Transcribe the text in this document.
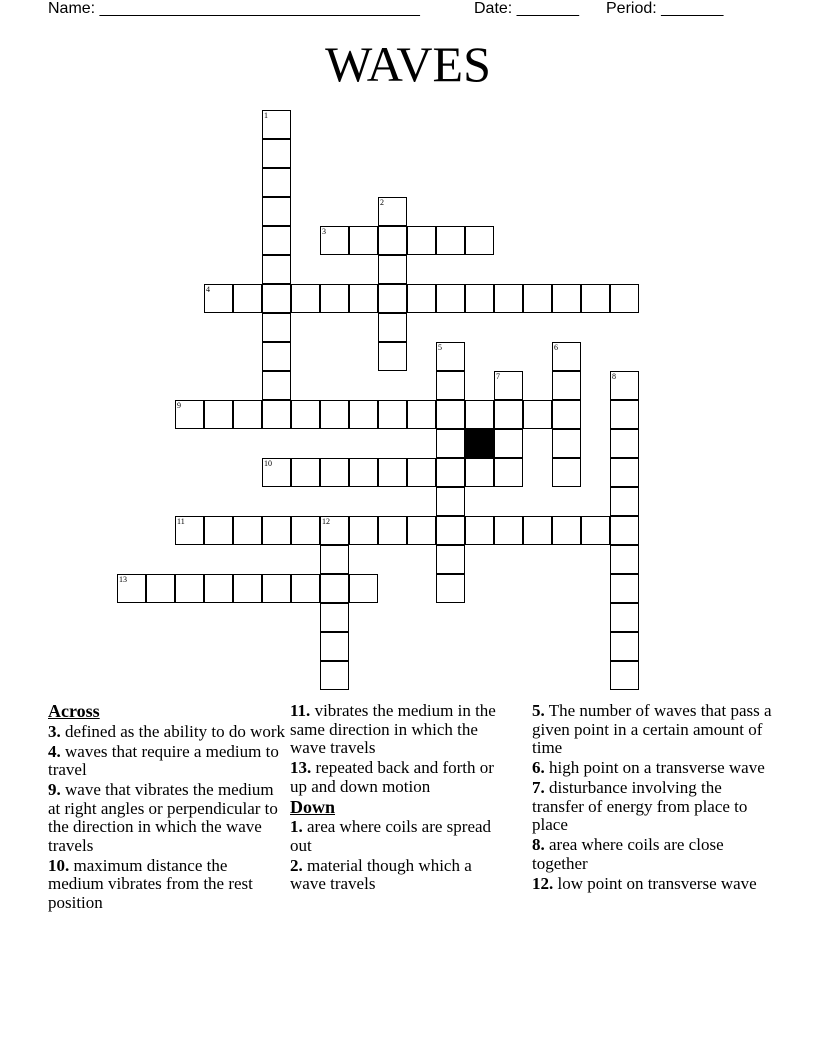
Name: ____________________________________	Date: _______ Period: _______
WAVES
1
2
3
4
5	6
7	8
9
10
11	12
13
Across
3. defined as the ability to do work
4. waves that require a medium to travel
9. wave that vibrates the medium at right angles or perpendicular to the direction in which the wave travels
10. maximum distance the medium vibrates from the rest position
11. vibrates the medium in the same direction in which the wave travels
13. repeated back and forth or up and down motion
Down
1. area where coils are spread out
2. material though which a wave travels
5. The number of waves that pass a given point in a certain amount of time
6. high point on a transverse wave
7. disturbance involving the transfer of energy from place to place
8. area where coils are close together
12. low point on transverse wave
